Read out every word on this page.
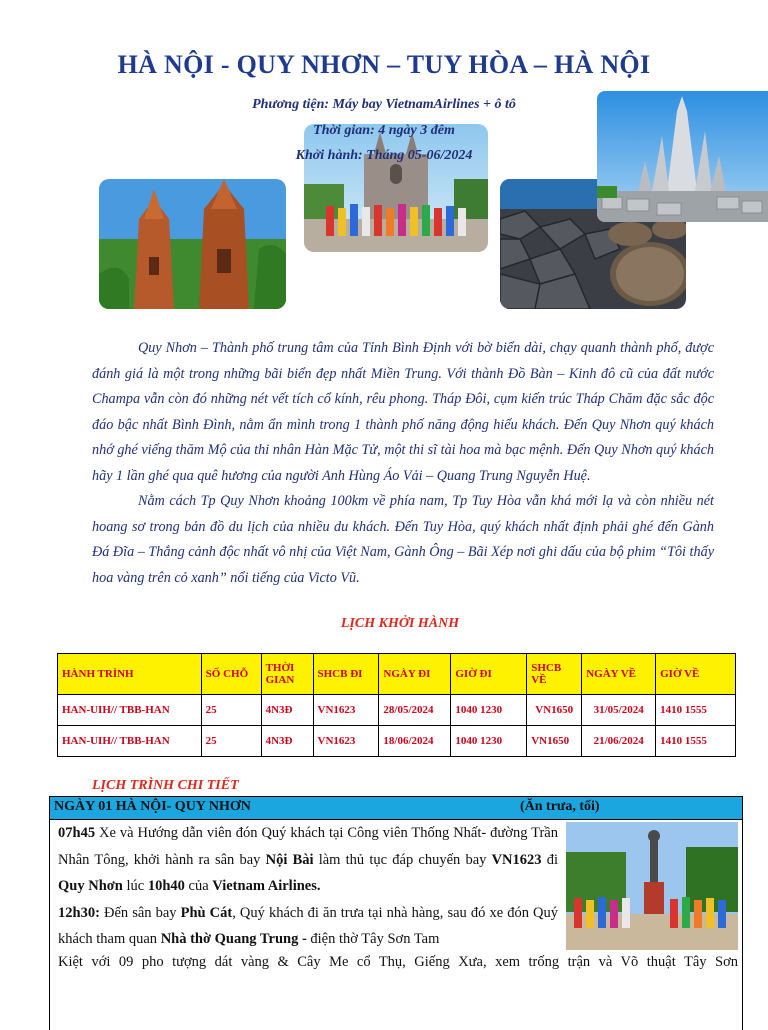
HÀ NỘI - QUY NHƠN – TUY HÒA – HÀ NỘI
Phương tiện: Máy bay VietnamAirlines + ô tô
Thời gian: 4 ngày 3 đêm
Khởi hành: Tháng 05-06/2024

Quy Nhơn – Thành phố trung tâm của Tỉnh Bình Định với bờ biển dài, chạy quanh thành phố, được đánh giá là một trong những bãi biển đẹp nhất Miền Trung. Với thành Đồ Bàn – Kinh đô cũ của đất nước Champa vẫn còn đó những nét vết tích cổ kính, rêu phong. Tháp Đôi, cụm kiến trúc Tháp Chăm đặc sắc độc đáo bậc nhất Bình Đình, nằm ẩn mình trong 1 thành phố năng động hiếu khách. Đến Quy Nhơn quý khách nhớ ghé viếng thăm Mộ của thi nhân Hàn Mặc Tử, một thi sĩ tài hoa mà bạc mệnh. Đến Quy Nhơn quý khách hãy 1 lần ghé qua quê hương của người Anh Hùng Áo Vải – Quang Trung Nguyễn Huệ.

Nằm cách Tp Quy Nhơn khoảng 100km về phía nam, Tp Tuy Hòa vẫn khá mới lạ và còn nhiều nét hoang sơ trong bản đồ du lịch của nhiều du khách. Đến Tuy Hòa, quý khách nhất định phải ghé đến Gành Đá Đĩa – Thắng cảnh độc nhất vô nhị của Việt Nam, Gành Ông – Bãi Xép nơi ghi dấu của bộ phim “Tôi thấy hoa vàng trên cỏ xanh” nổi tiếng của Victo Vũ.

LỊCH KHỞI HÀNH
HÀNH TRÌNH	SỐ CHỖ	THỜI GIAN	SHCB ĐI	NGÀY ĐI	GIỜ ĐI	SHCB VỀ	NGÀY VỀ	GIỜ VỀ
HAN-UIH// TBB-HAN	25	4N3Đ	VN1623	28/05/2024	1040 1230	VN1650	31/05/2024	1410 1555
HAN-UIH// TBB-HAN	25	4N3Đ	VN1623	18/06/2024	1040 1230	VN1650	21/06/2024	1410 1555
LỊCH TRÌNH CHI TIẾT
NGÀY 01 HÀ NỘI- QUY NHƠN	(Ăn trưa, tối)

07h45 Xe và Hướng dẫn viên đón Quý khách tại Công viên Thống Nhất- đường Trần Nhân Tông, khởi hành ra sân bay Nội Bài làm thủ tục đáp chuyến bay VN1623 đi Quy Nhơn lúc 10h40 của Vietnam Airlines.

12h30: Đến sân bay Phù Cát, Quý khách đi ăn trưa tại nhà hàng, sau đó xe đón Quý khách tham quan Nhà thờ Quang Trung - điện thờ Tây Sơn Tam

Kiệt với 09 pho tượng dát vàng & Cây Me cổ Thụ, Giếng Xưa, xem trống trận và Võ thuật Tây Sơn
